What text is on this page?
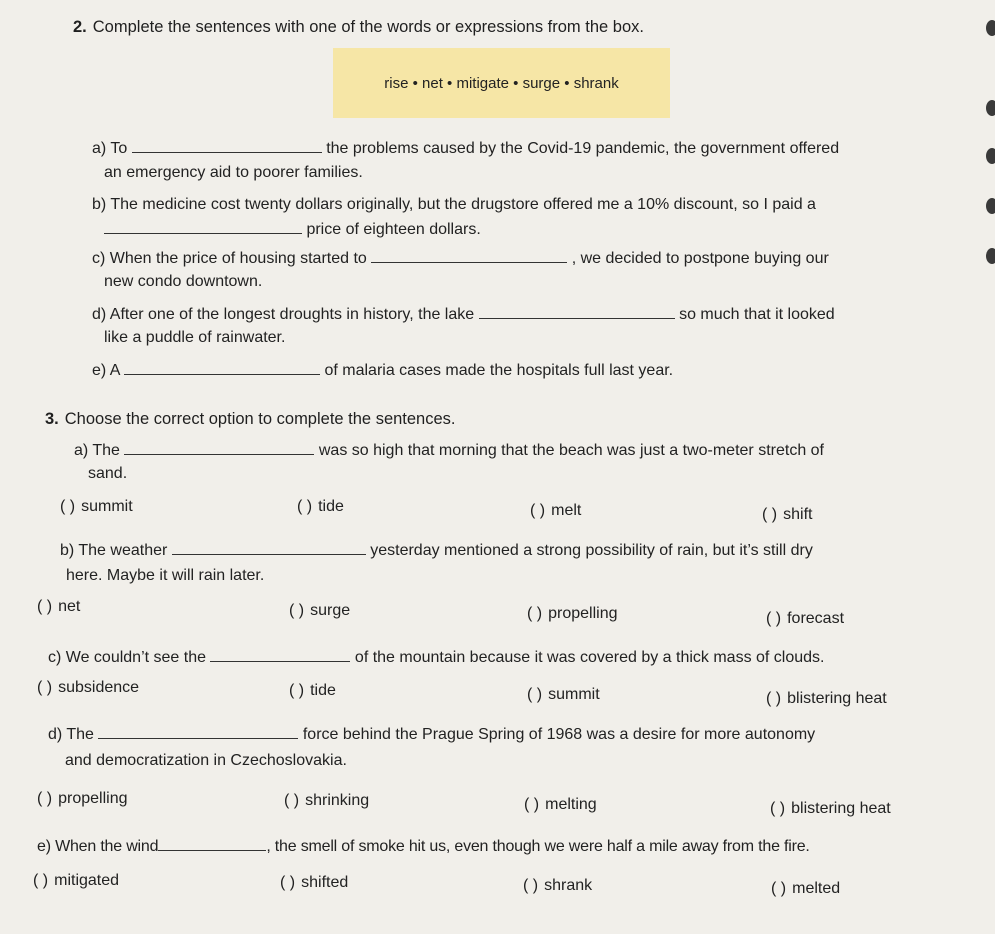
2. Complete the sentences with one of the words or expressions from the box.
rise • net • mitigate • surge • shrank
a) To	the problems caused by the Covid-19 pandemic, the government offered
an emergency aid to poorer families.
b) The medicine cost twenty dollars originally, but the drugstore offered me a 10% discount, so I paid a
price of eighteen dollars.
c) When the price of housing started to	, we decided to postpone buying our
new condo downtown.
d) After one of the longest droughts in history, the lake	so much that it looked
like a puddle of rainwater.
e) A	of malaria cases made the hospitals full last year.
3. Choose the correct option to complete the sentences.
a) The	was so high that morning that the beach was just a two-meter stretch of
sand.
( ) summit	( ) tide	( ) melt	( ) shift
b) The weather	yesterday mentioned a strong possibility of rain, but it’s still dry
here. Maybe it will rain later.
( ) net	( ) surge	( ) propelling	( ) forecast
c) We couldn’t see the	of the mountain because it was covered by a thick mass of clouds.
( ) subsidence	( ) tide	( ) summit	( ) blistering heat
d) The	force behind the Prague Spring of 1968 was a desire for more autonomy
and democratization in Czechoslovakia.
( ) propelling	( ) shrinking	( ) melting	( ) blistering heat
e) When the wind	, the smell of smoke hit us, even though we were half a mile away from the fire.
( ) mitigated	( ) shifted	( ) shrank	( ) melted
